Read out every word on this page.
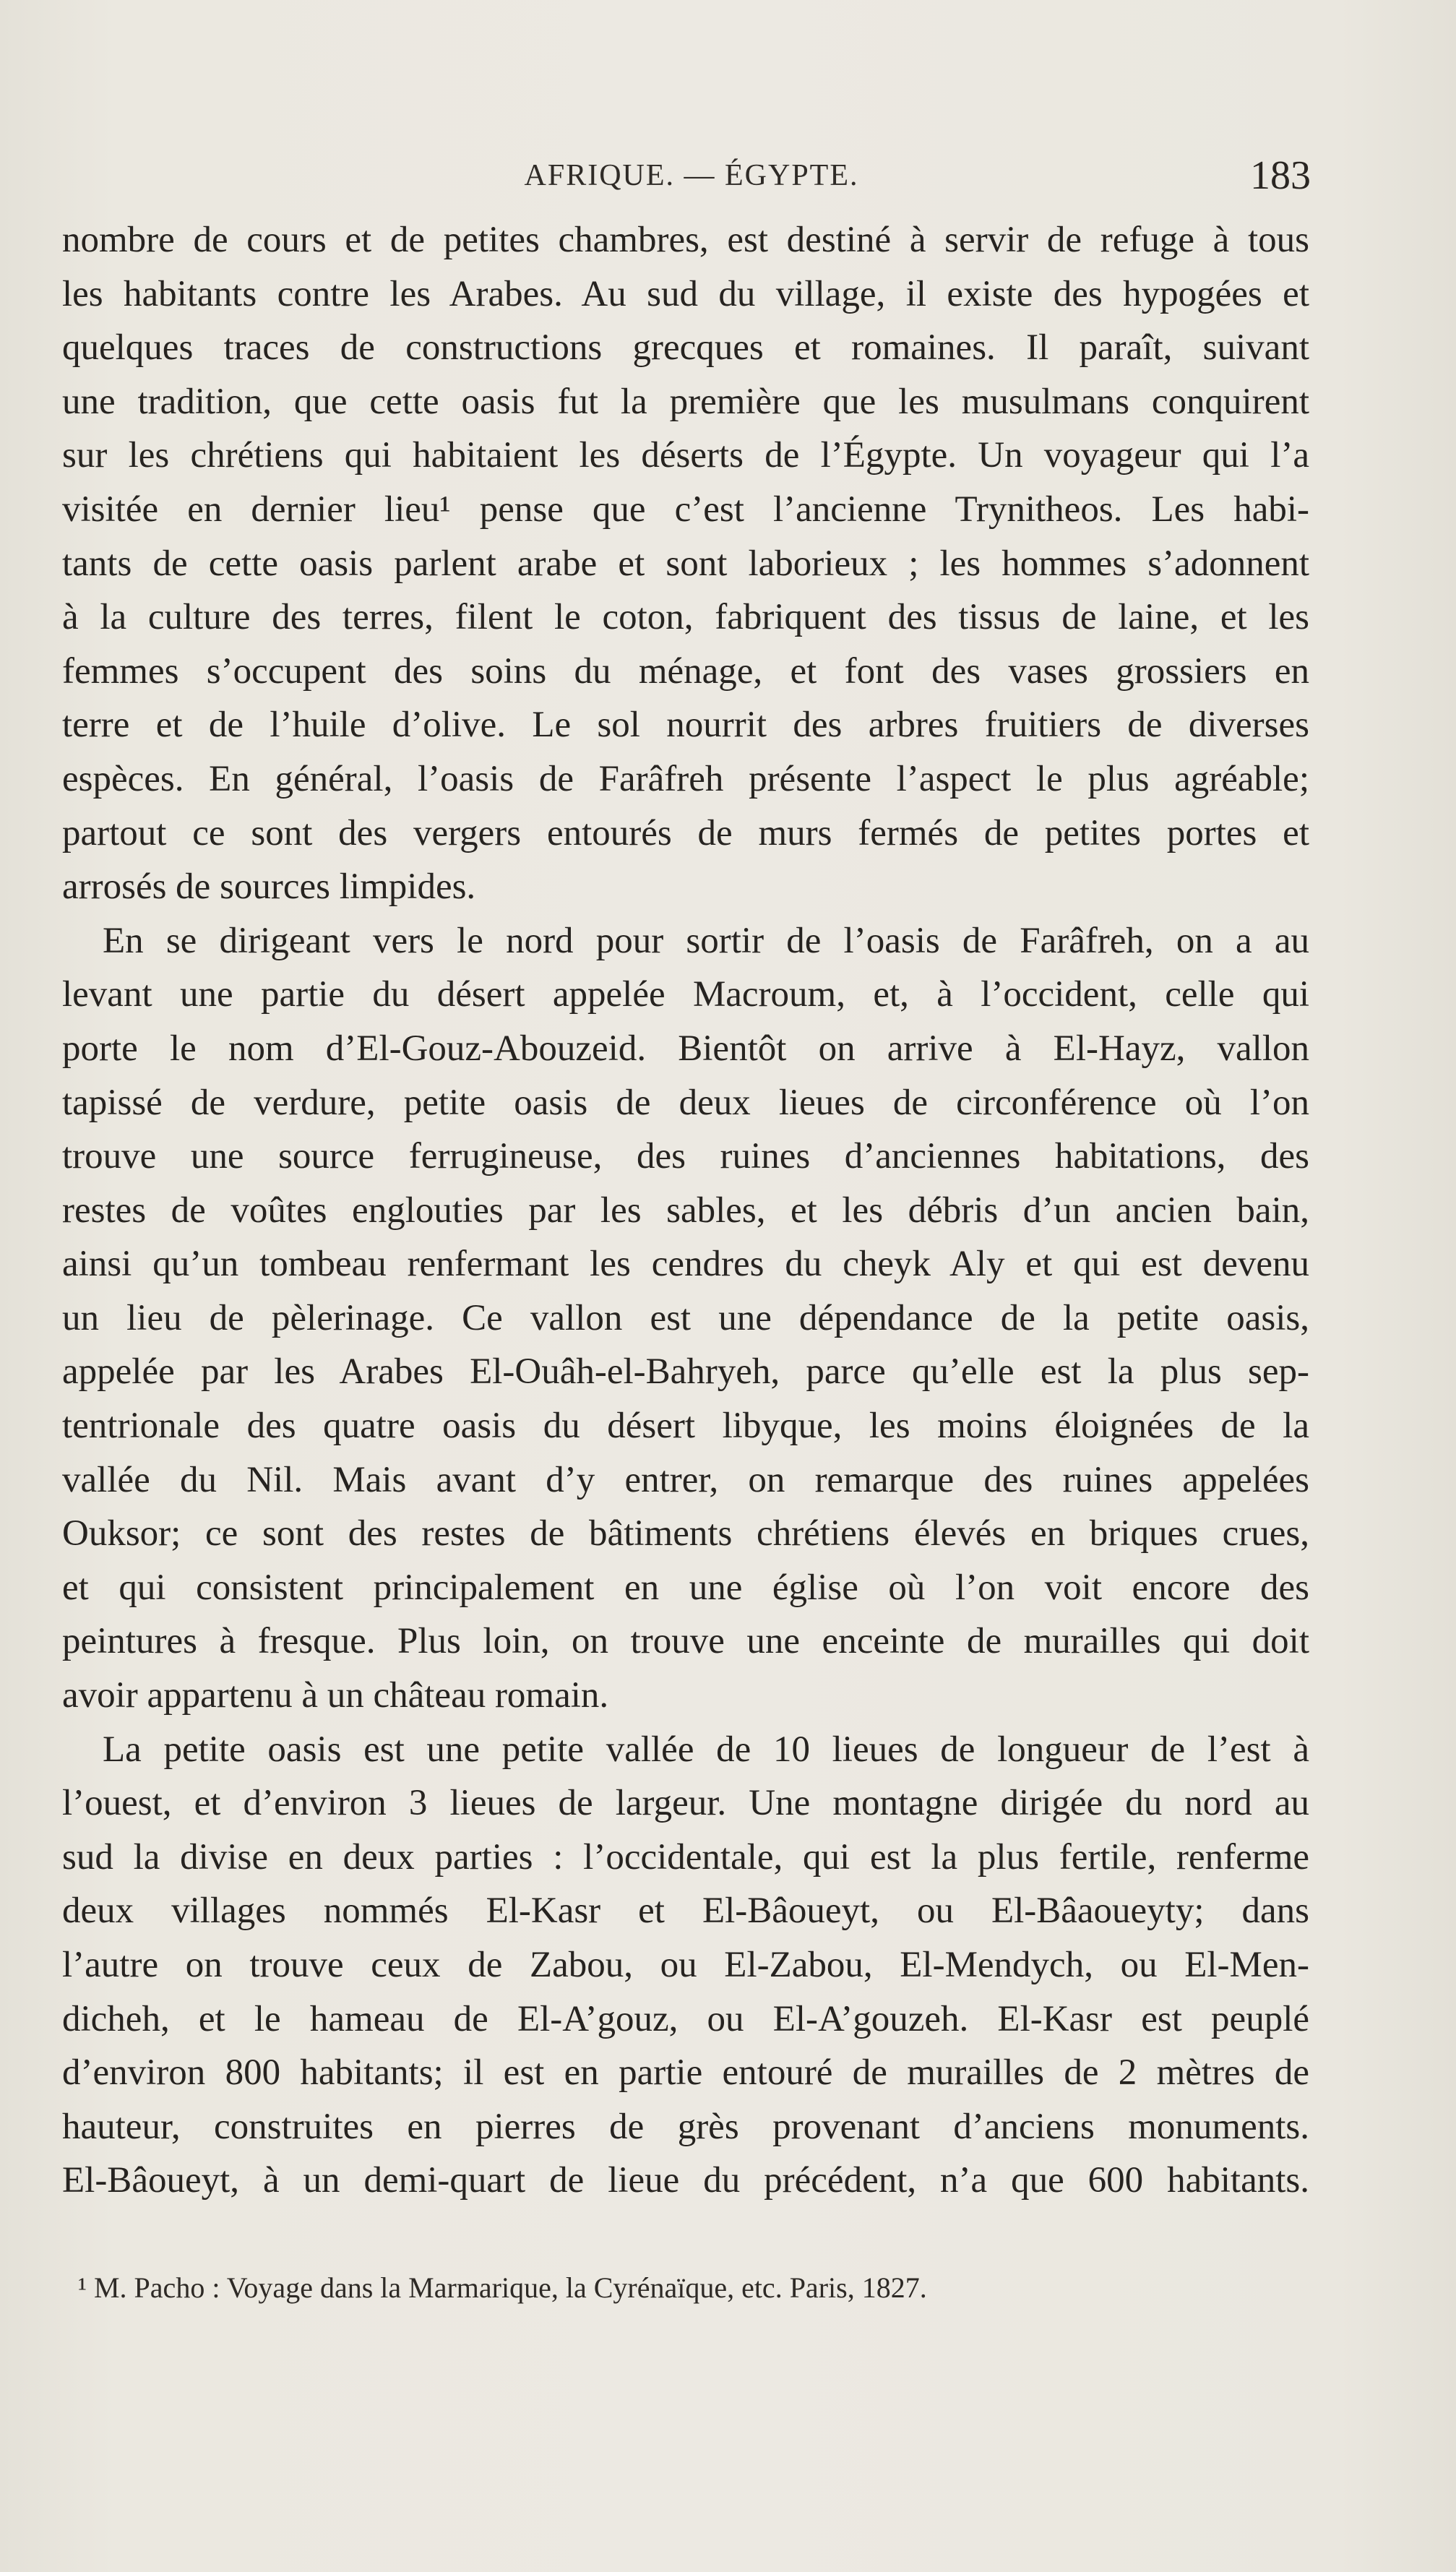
AFRIQUE. — ÉGYPTE.	183
nombre de cours et de petites chambres, est destiné à servir de refuge à tous
les habitants contre les Arabes. Au sud du village, il existe des hypogées et
quelques traces de constructions grecques et romaines. Il paraît, suivant
une tradition, que cette oasis fut la première que les musulmans conquirent
sur les chrétiens qui habitaient les déserts de l’Égypte. Un voyageur qui l’a
visitée en dernier lieu¹ pense que c’est l’ancienne Trynitheos. Les habi-
tants de cette oasis parlent arabe et sont laborieux ; les hommes s’adonnent
à la culture des terres, filent le coton, fabriquent des tissus de laine, et les
femmes s’occupent des soins du ménage, et font des vases grossiers en
terre et de l’huile d’olive. Le sol nourrit des arbres fruitiers de diverses
espèces. En général, l’oasis de Farâfreh présente l’aspect le plus agréable;
partout ce sont des vergers entourés de murs fermés de petites portes et
arrosés de sources limpides.
En se dirigeant vers le nord pour sortir de l’oasis de Farâfreh, on a au
levant une partie du désert appelée Macroum, et, à l’occident, celle qui
porte le nom d’El-Gouz-Abouzeid. Bientôt on arrive à El-Hayz, vallon
tapissé de verdure, petite oasis de deux lieues de circonférence où l’on
trouve une source ferrugineuse, des ruines d’anciennes habitations, des
restes de voûtes englouties par les sables, et les débris d’un ancien bain,
ainsi qu’un tombeau renfermant les cendres du cheyk Aly et qui est devenu
un lieu de pèlerinage. Ce vallon est une dépendance de la petite oasis,
appelée par les Arabes El-Ouâh-el-Bahryeh, parce qu’elle est la plus sep-
tentrionale des quatre oasis du désert libyque, les moins éloignées de la
vallée du Nil. Mais avant d’y entrer, on remarque des ruines appelées
Ouksor; ce sont des restes de bâtiments chrétiens élevés en briques crues,
et qui consistent principalement en une église où l’on voit encore des
peintures à fresque. Plus loin, on trouve une enceinte de murailles qui doit
avoir appartenu à un château romain.
La petite oasis est une petite vallée de 10 lieues de longueur de l’est à
l’ouest, et d’environ 3 lieues de largeur. Une montagne dirigée du nord au
sud la divise en deux parties : l’occidentale, qui est la plus fertile, renferme
deux villages nommés El-Kasr et El-Bâoueyt, ou El-Bâaoueyty; dans
l’autre on trouve ceux de Zabou, ou El-Zabou, El-Mendych, ou El-Men-
dicheh, et le hameau de El-A’gouz, ou El-A’gouzeh. El-Kasr est peuplé
d’environ 800 habitants; il est en partie entouré de murailles de 2 mètres de
hauteur, construites en pierres de grès provenant d’anciens monuments.
El-Bâoueyt, à un demi-quart de lieue du précédent, n’a que 600 habitants.
¹ M. Pacho : Voyage dans la Marmarique, la Cyrénaïque, etc. Paris, 1827.
